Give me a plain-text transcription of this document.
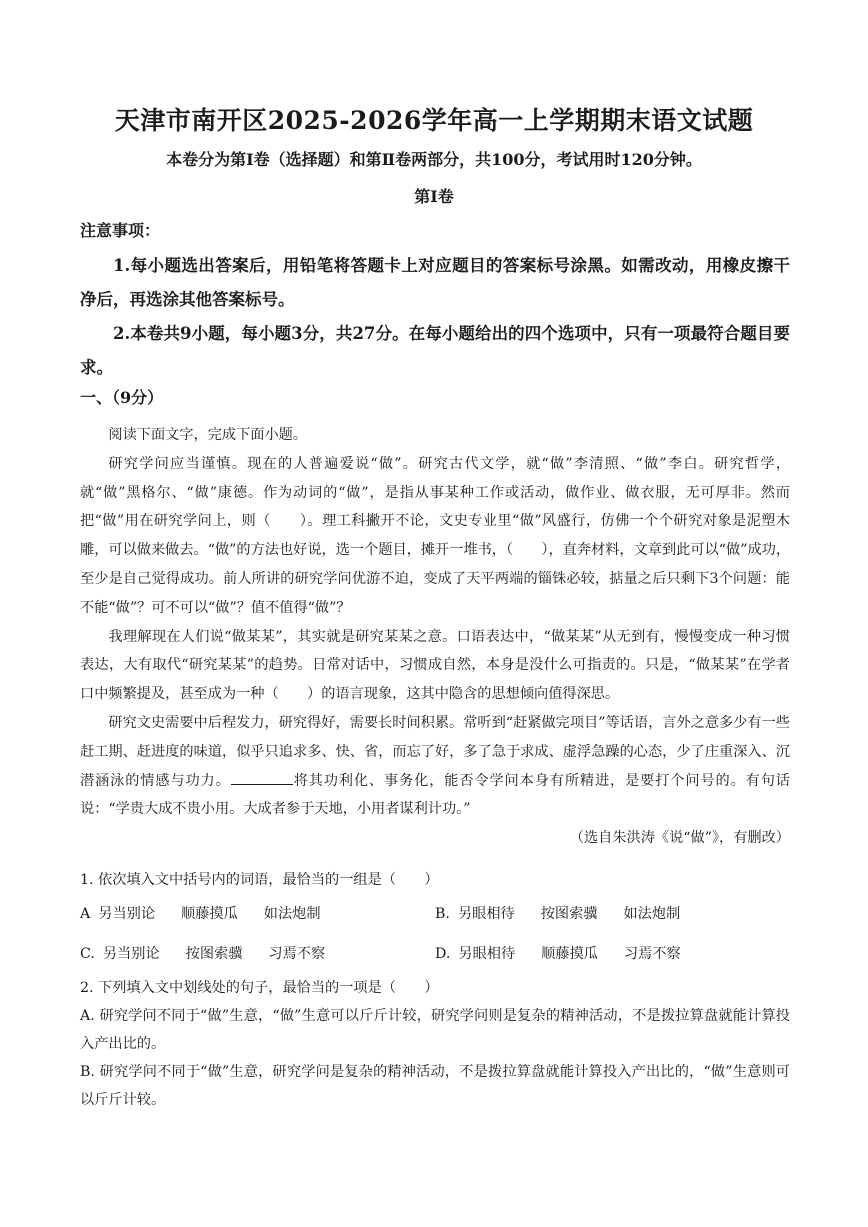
天津市南开区2025-2026学年高一上学期期末语文试题
本卷分为第Ⅰ卷（选择题）和第Ⅱ卷两部分，共100分，考试用时120分钟。
第Ⅰ卷
注意事项：

1.每小题选出答案后，用铅笔将答题卡上对应题目的答案标号涂黑。如需改动，用橡皮擦干净后，再选涂其他答案标号。

2.本卷共9小题，每小题3分，共27分。在每小题给出的四个选项中，只有一项最符合题目要求。

一、（9分）

阅读下面文字，完成下面小题。

研究学问应当谨慎。现在的人普遍爱说“做”。研究古代文学，就“做”李清照、“做”李白。研究哲学，就“做”黑格尔、“做”康德。作为动词的“做”，是指从事某种工作或活动，做作业、做衣服，无可厚非。然而把“做”用在研究学问上，则（　　）。理工科撇开不论，文史专业里“做”风盛行，仿佛一个个研究对象是泥塑木雕，可以做来做去。“做”的方法也好说，选一个题目，摊开一堆书，（　　），直奔材料，文章到此可以“做”成功，至少是自己觉得成功。前人所讲的研究学问优游不迫，变成了天平两端的锱铢必较，掂量之后只剩下3个问题：能不能“做”？可不可以“做”？值不值得“做”？

我理解现在人们说“做某某”，其实就是研究某某之意。口语表达中，“做某某”从无到有，慢慢变成一种习惯表达，大有取代“研究某某”的趋势。日常对话中，习惯成自然，本身是没什么可指责的。只是，“做某某”在学者口中频繁提及，甚至成为一种（　　）的语言现象，这其中隐含的思想倾向值得深思。

研究文史需要中后程发力，研究得好，需要长时间积累。常听到“赶紧做完项目”等话语，言外之意多少有一些赶工期、赶进度的味道，似乎只追求多、快、省，而忘了好，多了急于求成、虚浮急躁的心态，少了庄重深入、沉潜涵泳的情感与功力。	将其功利化、事务化，能否令学问本身有所精进，是要打个问号的。有句话说：“学贵大成不贵小用。大成者参于天地，小用者谋利计功。”

（选自朱洪涛《说“做”》，有删改）

1. 依次填入文中括号内的词语，最恰当的一组是（　　）

A 另当别论 顺藤摸瓜 如法炮制	B. 另眼相待 按图索骥 如法炮制
C. 另当别论 按图索骥 习焉不察	D. 另眼相待 顺藤摸瓜 习焉不察

2. 下列填入文中划线处的句子，最恰当的一项是（　　）

A. 研究学问不同于“做”生意，“做”生意可以斤斤计较，研究学问则是复杂的精神活动，不是拨拉算盘就能计算投入产出比的。

B. 研究学问不同于“做”生意，研究学问是复杂的精神活动，不是拨拉算盘就能计算投入产出比的，“做”生意则可以斤斤计较。
